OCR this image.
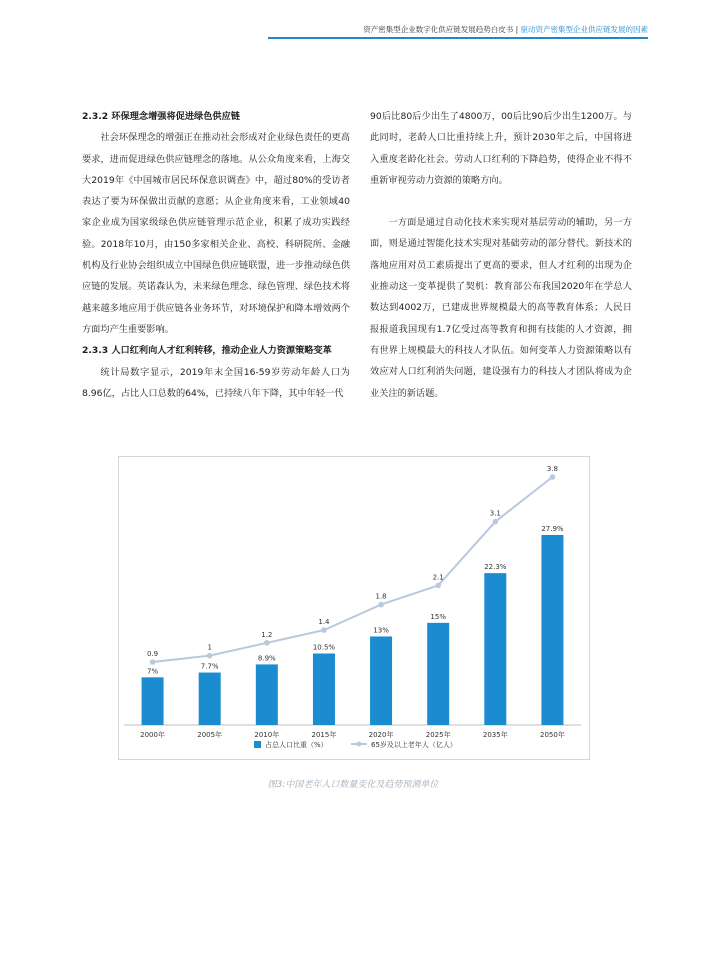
资产密集型企业数字化供应链发展趋势白皮书 | 驱动资产密集型企业供应链发展的因素

2.3.2 环保理念增强将促进绿色供应链

社会环保理念的增强正在推动社会形成对企业绿色责任的更高要求，进而促进绿色供应链理念的落地。从公众角度来看，上海交大2019年《中国城市居民环保意识调查》中，超过80%的受访者表达了要为环保做出贡献的意愿；从企业角度来看，工业领域40家企业成为国家级绿色供应链管理示范企业，积累了成功实践经验。2018年10月，由150多家相关企业、高校、科研院所、金融机构及行业协会组织成立中国绿色供应链联盟，进一步推动绿色供应链的发展。英诺森认为，未来绿色理念、绿色管理、绿色技术将越来越多地应用于供应链各业务环节，对环境保护和降本增效两个方面均产生重要影响。

2.3.3 人口红利向人才红利转移，推动企业人力资源策略变革

统计局数字显示，2019年末全国16-59岁劳动年龄人口为8.96亿，占比人口总数的64%，已持续八年下降，其中年轻一代

90后比80后少出生了4800万，00后比90后少出生1200万。与此同时，老龄人口比重持续上升，预计2030年之后，中国将进入重度老龄化社会。劳动人口红利的下降趋势，使得企业不得不重新审视劳动力资源的策略方向。

一方面是通过自动化技术来实现对基层劳动的辅助，另一方面，则是通过智能化技术实现对基础劳动的部分替代。新技术的落地应用对员工素质提出了更高的要求，但人才红利的出现为企业推动这一变革提供了契机：教育部公布我国2020年在学总人数达到4002万，已建成世界规模最大的高等教育体系；人民日报报道我国现有1.7亿受过高等教育和拥有技能的人才资源，拥有世界上规模最大的科技人才队伍。如何变革人力资源策略以有效应对人口红利消失问题，建设强有力的科技人才团队将成为企业关注的新话题。

7%
2000年
7.7%
2005年
8.9%
2010年
10.5%
2015年
13%
2020年
15%
2025年
22.3%
2035年
27.9%
2050年
0.9
1
1.2
1.4
1.8
2.1
3.1
3.8
占总人口比重（%）	65岁及以上老年人（亿人）
图3:中国老年人口数量变化及趋势预测单位
